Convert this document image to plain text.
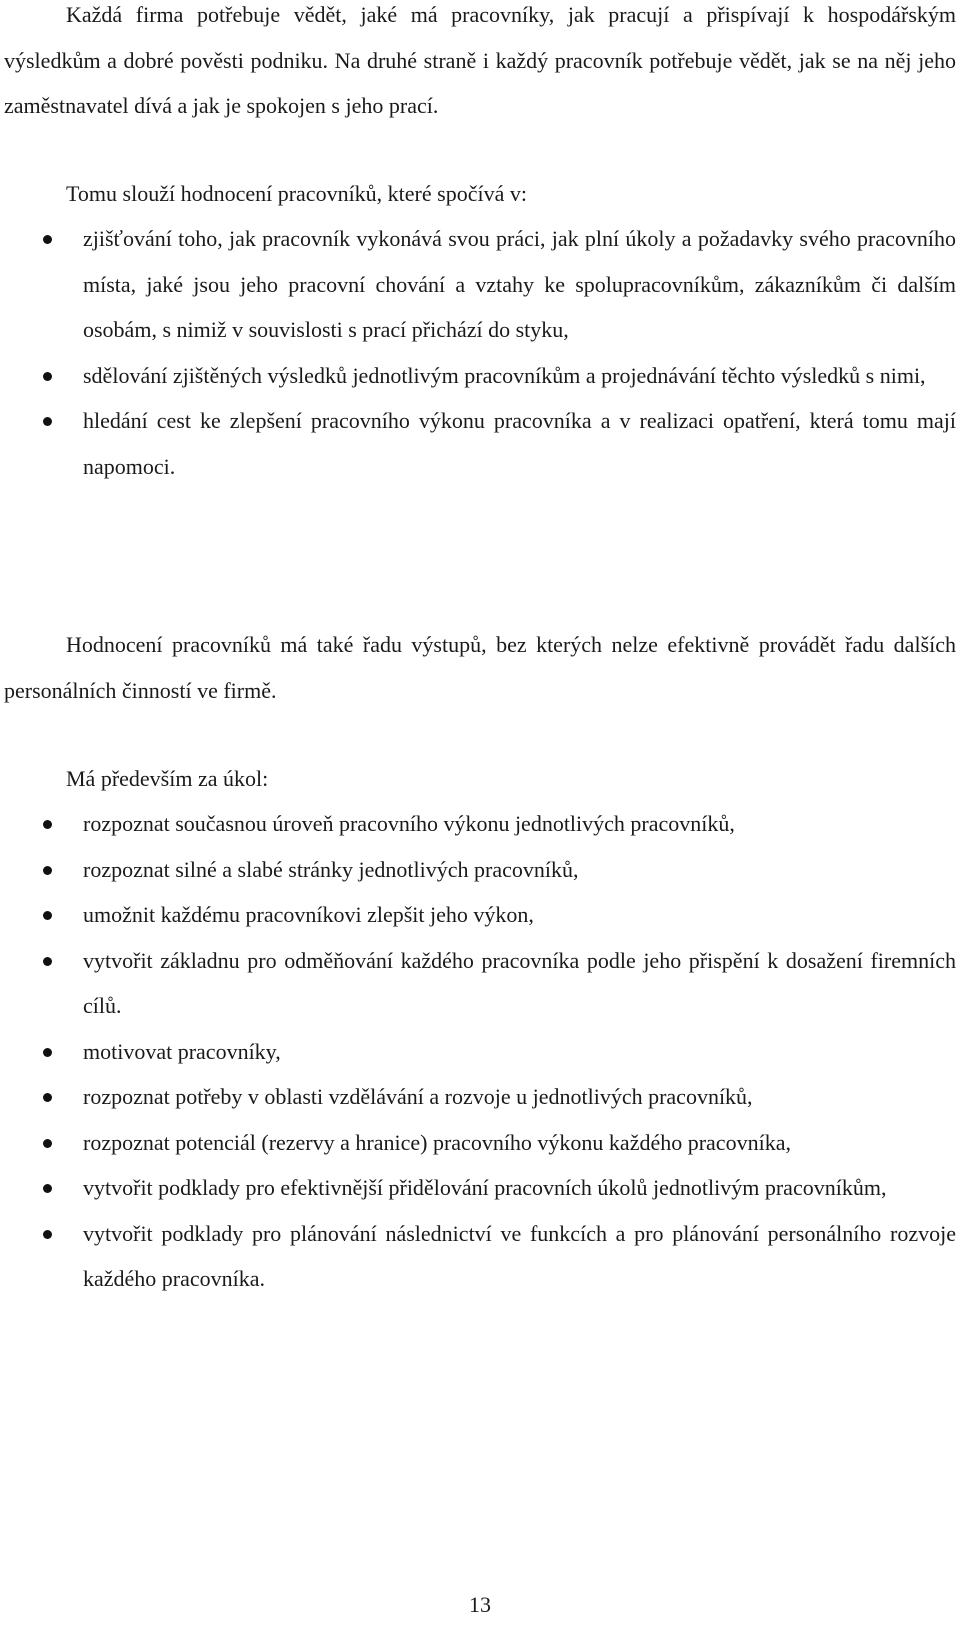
Každá firma potřebuje vědět, jaké má pracovníky, jak pracují a přispívají k hospodářským výsledkům a dobré pověsti podniku. Na druhé straně i každý pracovník potřebuje vědět, jak se na něj jeho zaměstnavatel dívá a jak je spokojen s jeho prací.

Tomu slouží hodnocení pracovníků, které spočívá v:

zjišťování toho, jak pracovník vykonává svou práci, jak plní úkoly a požadavky svého pracovního místa, jaké jsou jeho pracovní chování a vztahy ke spolupracovníkům, zákazníkům či dalším osobám, s nimiž v souvislosti s prací přichází do styku,
sdělování zjištěných výsledků jednotlivým pracovníkům a projednávání těchto výsledků s nimi,
hledání cest ke zlepšení pracovního výkonu pracovníka a v realizaci opatření, která tomu mají napomoci.

Hodnocení pracovníků má také řadu výstupů, bez kterých nelze efektivně provádět řadu dalších personálních činností ve firmě.

Má především za úkol:

rozpoznat současnou úroveň pracovního výkonu jednotlivých pracovníků,
rozpoznat silné a slabé stránky jednotlivých pracovníků,
umožnit každému pracovníkovi zlepšit jeho výkon,
vytvořit základnu pro odměňování každého pracovníka podle jeho přispění k dosažení firemních cílů.
motivovat pracovníky,
rozpoznat potřeby v oblasti vzdělávání a rozvoje u jednotlivých pracovníků,
rozpoznat potenciál (rezervy a hranice) pracovního výkonu každého pracovníka,
vytvořit podklady pro efektivnější přidělování pracovních úkolů jednotlivým pracovníkům,
vytvořit podklady pro plánování následnictví ve funkcích a pro plánování personálního rozvoje každého pracovníka.

13
